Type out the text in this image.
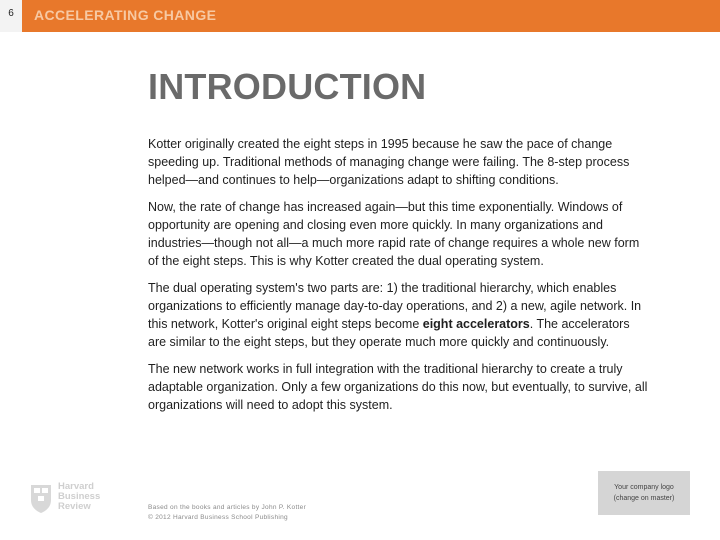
6	ACCELERATING CHANGE
INTRODUCTION

Kotter originally created the eight steps in 1995 because he saw the pace of change speeding up. Traditional methods of managing change were failing. The 8-step process helped—and continues to help—organizations adapt to shifting conditions.

Now, the rate of change has increased again—but this time exponentially. Windows of opportunity are opening and closing even more quickly. In many organizations and industries—though not all—a much more rapid rate of change requires a whole new form of the eight steps. This is why Kotter created the dual operating system.

The dual operating system's two parts are: 1) the traditional hierarchy, which enables organizations to efficiently manage day-to-day operations, and 2) a new, agile network. In this network, Kotter's original eight steps become eight accelerators. The accelerators are similar to the eight steps, but they operate much more quickly and continuously.

The new network works in full integration with the traditional hierarchy to create a truly adaptable organization. Only a few organizations do this now, but eventually, to survive, all organizations will need to adopt this system.

Harvard
Business
Review	Based on the books and articles by John P. Kotter
© 2012 Harvard Business School Publishing
Your company logo
(change on master)
